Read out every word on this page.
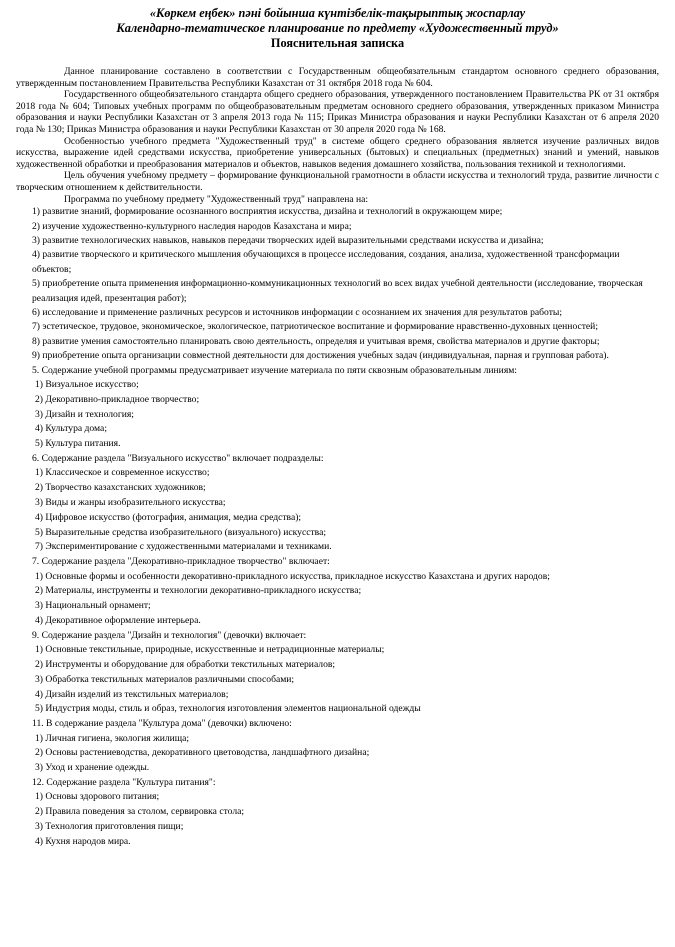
«Көркем еңбек» пәні бойынша күнтізбелік-тақырыптық жоспарлау
Календарно-тематическое планирование по предмету «Художественный труд»
Пояснительная записка

Данное планирование составлено в соответствии с Государственным общеобязательным стандартом основного среднего образования, утвержденным постановлением Правительства Республики Казахстан от 31 октября 2018 года № 604.

Государственного общеобязательного стандарта общего среднего образования, утвержденного постановлением Правительства РК от 31 октября 2018 года № 604; Типовых учебных программ по общеобразовательным предметам основного среднего образования, утвержденных приказом Министра образования и науки Республики Казахстан от 3 апреля 2013 года № 115; Приказ Министра образования и науки Республики Казахстан от 6 апреля 2020 года № 130; Приказ Министра образования и науки Республики Казахстан от 30 апреля 2020 года № 168.

Особенностью учебного предмета "Художественный труд" в системе общего среднего образования является изучение различных видов искусства, выражение идей средствами искусства, приобретение универсальных (бытовых) и специальных (предметных) знаний и умений, навыков художественной обработки и преобразования материалов и объектов, навыков ведения домашнего хозяйства, пользования техникой и технологиями.

Цель обучения учебному предмету – формирование функциональной грамотности в области искусства и технологий труда, развитие личности с творческим отношением к действительности.

Программа по учебному предмету "Художественный труд" направлена на:

1) развитие знаний, формирование осознанного восприятия искусства, дизайна и технологий в окружающем мире;
2) изучение художественно-культурного наследия народов Казахстана и мира;
3) развитие технологических навыков, навыков передачи творческих идей выразительными средствами искусства и дизайна;
4) развитие творческого и критического мышления обучающихся в процессе исследования, создания, анализа, художественной трансформации объектов;
5) приобретение опыта применения информационно-коммуникационных технологий во всех видах учебной деятельности (исследование, творческая реализация идей, презентация работ);
6) исследование и применение различных ресурсов и источников информации с осознанием их значения для результатов работы;
7) эстетическое, трудовое, экономическое, экологическое, патриотическое воспитание и формирование нравственно-духовных ценностей;
8) развитие умения самостоятельно планировать свою деятельность, определяя и учитывая время, свойства материалов и другие факторы;
9) приобретение опыта организации совместной деятельности для достижения учебных задач (индивидуальная, парная и групповая работа).
5. Содержание учебной программы предусматривает изучение материала по пяти сквозным образовательным линиям:
1) Визуальное искусство;
2) Декоративно-прикладное творчество;
3) Дизайн и технология;
4) Культура дома;
5) Культура питания.
6. Содержание раздела "Визуального искусство" включает подразделы:
1) Классическое и современное искусство;
2) Творчество казахстанских художников;
3) Виды и жанры изобразительного искусства;
4) Цифровое искусство (фотография, анимация, медиа средства);
5) Выразительные средства изобразительного (визуального) искусства;
7) Экспериментирование с художественными материалами и техниками.
7. Содержание раздела "Декоративно-прикладное творчество" включает:
1) Основные формы и особенности декоративно-прикладного искусства, прикладное искусство Казахстана и других народов;
2) Материалы, инструменты и технологии декоративно-прикладного искусства;
3) Национальный орнамент;
4) Декоративное оформление интерьера.
9. Содержание раздела "Дизайн и технология" (девочки) включает:
1) Основные текстильные, природные, искусственные и нетрадиционные материалы;
2) Инструменты и оборудование для обработки текстильных материалов;
3) Обработка текстильных материалов различными способами;
4) Дизайн изделий из текстильных материалов;
5) Индустрия моды, стиль и образ, технология изготовления элементов национальной одежды
11. В содержание раздела "Культура дома" (девочки) включено:
1) Личная гигиена, экология жилища;
2) Основы растениеводства, декоративного цветоводства, ландшафтного дизайна;
3) Уход и хранение одежды.
12. Содержание раздела "Культура питания":
1) Основы здорового питания;
2) Правила поведения за столом, сервировка стола;
3) Технология приготовления пищи;
4) Кухня народов мира.
